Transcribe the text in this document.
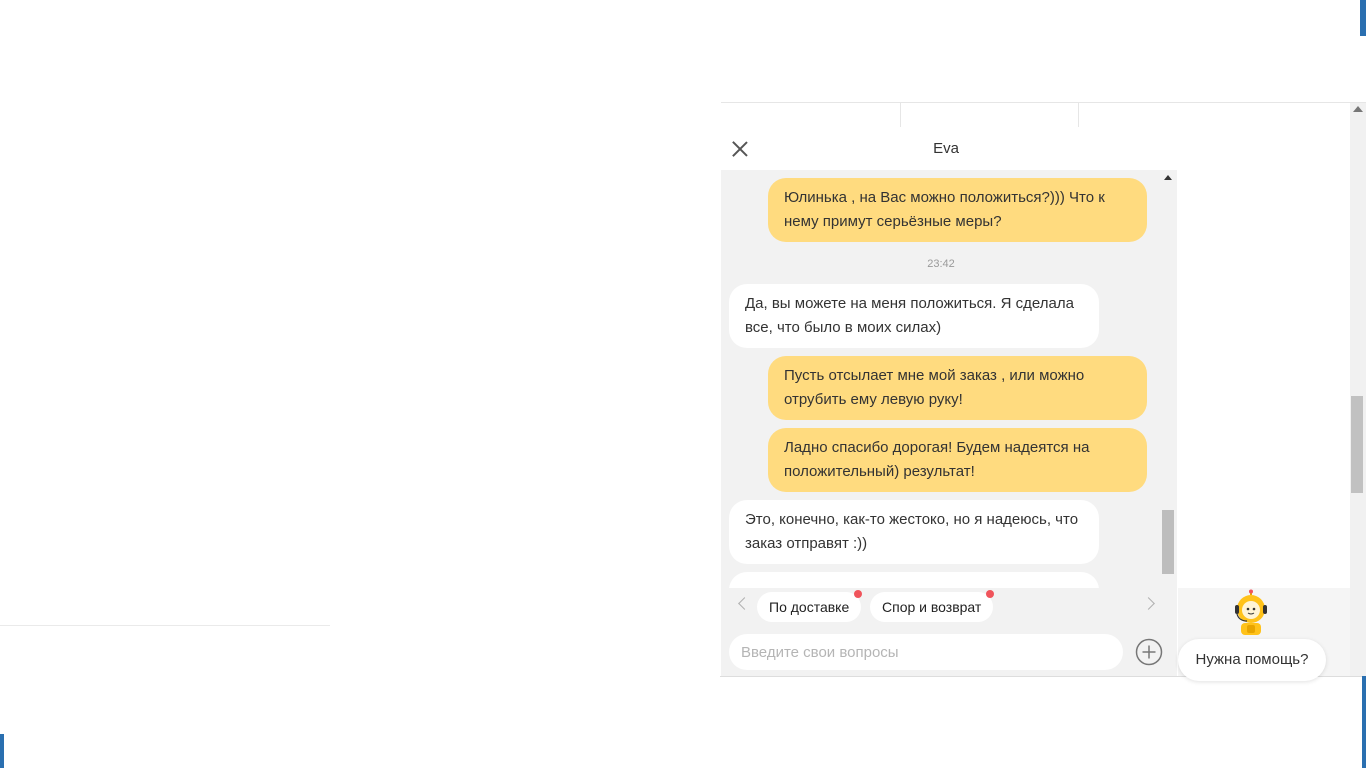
Eva
Юлинька , на Вас можно положиться?))) Что к нему примут серьёзные меры?
23:42
Да, вы можете на меня положиться. Я сделала все, что было в моих силах)
Пусть отсылает мне мой заказ , или можно отрубить ему левую руку!
Ладно спасибо дорогая! Будем надеятся на положительный) результат!
Это, конечно, как-то жестоко, но я надеюсь, что заказ отправят :))
По доставке	Спор и возврат
Введите свои вопросы
Нужна помощь?
